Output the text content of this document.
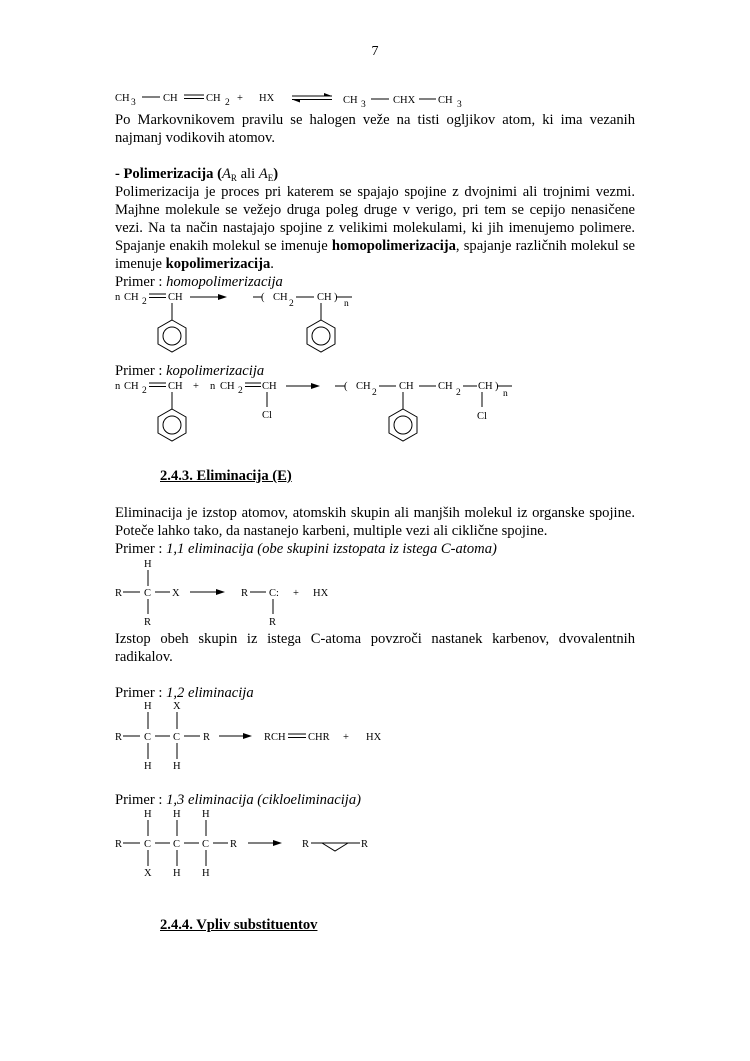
7
CH 3	CH	CH 2 + HX	CH 3	CHX CH 3
Po Markovnikovem pravilu se halogen veže na tisti ogljikov atom, ki ima vezanih najmanj vodikovih atomov.
- Polimerizacija ($A_R$ ali $A_E$)
Polimerizacija je proces pri katerem se spajajo spojine z dvojnimi ali trojnimi vezmi. Majhne molekule se vežejo druga poleg druge v verigo, pri tem se cepijo nenasičene vezi. Na ta način nastajajo spojine z velikimi molekulami, ki jih imenujemo polimere. Spajanje enakih molekul se imenuje homopolimerizacija, spajanje različnih molekul se imenuje kopolimerizacija.
Primer : homopolimerizacija
n CH 2 CH	( CH
2
CH )
n
Primer : kopolimerizacija
n CH 2 CH + n CH 2 CH
Cl
( CH
2
CH CH
2
CH )
n
Cl
2.4.3. Eliminacija (E)
Eliminacija je izstop atomov, atomskih skupin ali manjših molekul iz organske spojine. Poteče lahko tako, da nastanejo karbeni, multiple vezi ali ciklične spojine.
Primer : 1,1 eliminacija (obe skupini izstopata iz istega C-atoma)
H
R C X
R
R C:
R
+ HX
Izstop obeh skupin iz istega C-atoma povzroči nastanek karbenov, dvovalentnih radikalov.
Primer : 1,2 eliminacija
H X
R C C R
H H
RCH CHR + HX
Primer : 1,3 eliminacija (cikloeliminacija)
H H H
R C C C R
X H H
R	R
2.4.4. Vpliv substituentov
